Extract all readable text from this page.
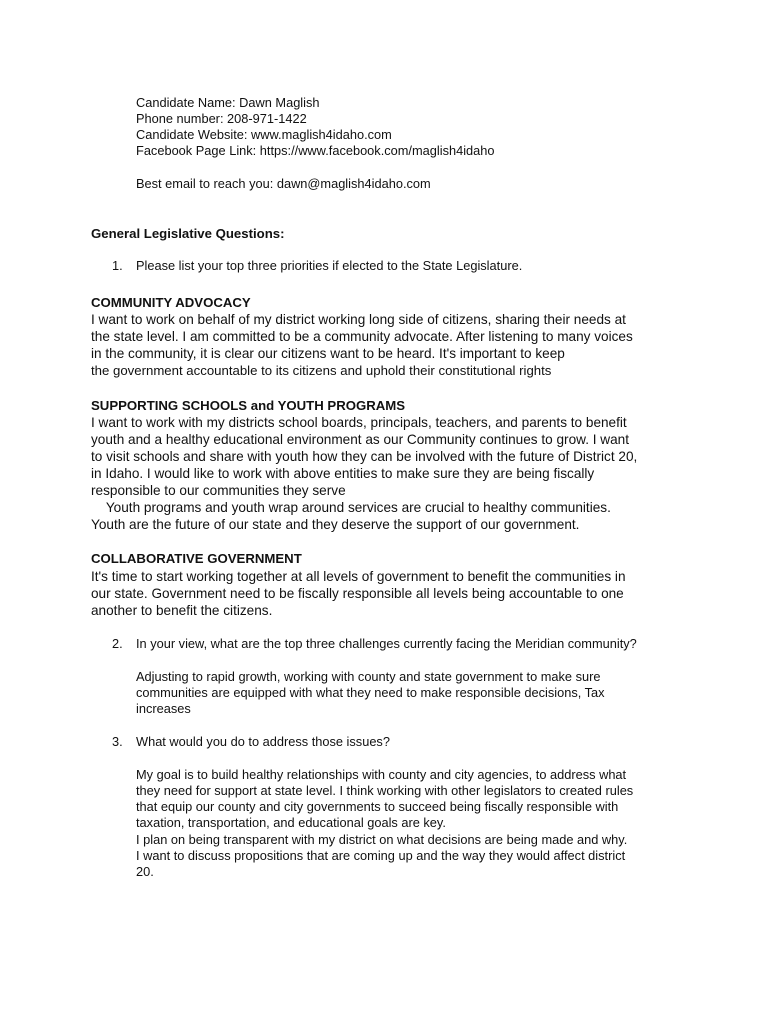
Candidate Name: Dawn Maglish
Phone number: 208-971-1422
Candidate Website: www.maglish4idaho.com
Facebook Page Link: https://www.facebook.com/maglish4idaho
Best email to reach you: dawn@maglish4idaho.com
General Legislative Questions:
1. Please list your top three priorities if elected to the State Legislature.
COMMUNITY ADVOCACY
I want to work on behalf of my district working long side of citizens, sharing their needs at
the state level. I am committed to be a community advocate. After listening to many voices
in the community, it is clear our citizens want to be heard. It's important to keep
the government accountable to its citizens and uphold their constitutional rights
SUPPORTING SCHOOLS and YOUTH PROGRAMS
I want to work with my districts school boards, principals, teachers, and parents to benefit
youth and a healthy educational environment as our Community continues to grow. I want
to visit schools and share with youth how they can be involved with the future of District 20,
in Idaho. I would like to work with above entities to make sure they are being fiscally
responsible to our communities they serve
Youth programs and youth wrap around services are crucial to healthy communities.
Youth are the future of our state and they deserve the support of our government.
COLLABORATIVE GOVERNMENT
It's time to start working together at all levels of government to benefit the communities in
our state. Government need to be fiscally responsible all levels being accountable to one
another to benefit the citizens.
2. In your view, what are the top three challenges currently facing the Meridian community?
Adjusting to rapid growth, working with county and state government to make sure
communities are equipped with what they need to make responsible decisions, Tax
increases
3. What would you do to address those issues?
My goal is to build healthy relationships with county and city agencies, to address what
they need for support at state level. I think working with other legislators to created rules
that equip our county and city governments to succeed being fiscally responsible with
taxation, transportation, and educational goals are key.
I plan on being transparent with my district on what decisions are being made and why.
I want to discuss propositions that are coming up and the way they would affect district
20.
